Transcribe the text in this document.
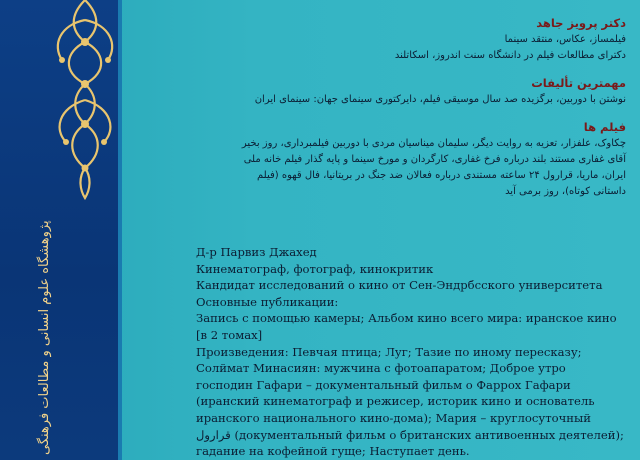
پژوهشگاه علوم انسانی و مطالعات فرهنگی
دکتر پرویز جاهد

فیلمساز، عکاس، منتقد سینما

دکترای مطالعات فیلم در دانشگاه سنت اندروز، اسکاتلند

مهمترین تألیفات

نوشتن با دوربین، برگزیده صد سال موسیقی فیلم، دایرکتوری سینمای جهان: سینمای ایران

فیلم ها

چکاوک، علفزار، تعزیه به روایت دیگر، سلیمان میناسیان مردی با دوربین فیلمبرداری، روز بخیر

آقای غفاری مستند بلند درباره فرخ غفاری، کارگردان و مورخ سینما و پایه گذار فیلم خانه ملی

ایران، ماریا، قرارول ۲۴ ساعته مستندی درباره فعالان ضد جنگ در بریتانیا، فال قهوه (فیلم

داستانی کوتاه)، روز برمی آید

Д-р Парвиз Джахед

Кинематограф, фотограф, кинокритик

Кандидат исследований о кино от Сен-Эндрбсского университета

Основные публикации:

Запись с помощью камеры; Альбом кино всего мира: иранское кино

[в 2 томах]

Произведения: Певчая птица; Луг; Тазие по иному пересказу;

Солймат Минасиян: мужчина с фотоапаратом; Доброе утро

господин Гафари – документальный фильм о Фаррох Гафари

(иранский кинематограф и режисер, историк кино и основатель

иранского национального кино-дома); Мария – круглосуточный

قرارول (документальный фильм о британских антивоенных деятелей);

гадание на кофейной гуще; Наступает день.
